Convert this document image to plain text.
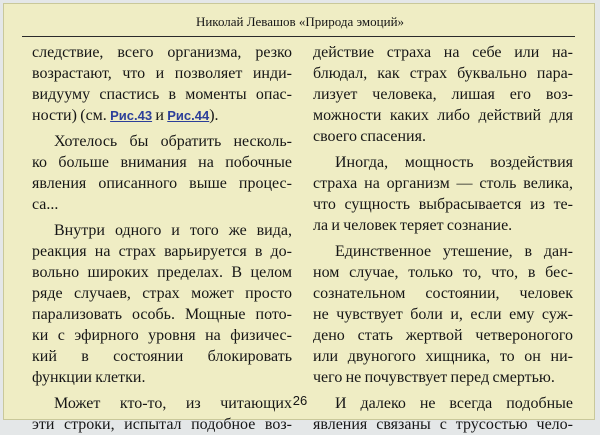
Николай Левашов «Природа эмоций»
следствие, всего организма, резко
возрастают, что и позволяет инди-
видууму спастись в моменты опас-
ности) (см. Рис.43 и Рис.44).
Хотелось бы обратить несколь-
ко больше внимания на побочные
явления описанного выше процес-
са...
Внутри одного и того же вида,
реакция на страх варьируется в до-
вольно широких пределах. В целом
ряде случаев, страх может просто
парализовать особь. Мощные пото-
ки с эфирного уровня на физичес-
кий в состоянии блокировать
функции клетки.
Может кто-то, из читающих
эти строки, испытал подобное воз-
действие страха на себе или на-
блюдал, как страх буквально пара-
лизует человека, лишая его воз-
можности каких либо действий для
своего спасения.
Иногда, мощность воздействия
страха на организм — столь велика,
что сущность выбрасывается из те-
ла и человек теряет сознание.
Единственное утешение, в дан-
ном случае, только то, что, в бес-
сознательном состоянии, человек
не чувствует боли и, если ему суж-
дено стать жертвой четвероногого
или двуногого хищника, то он ни-
чего не почувствует перед смертью.
И далеко не всегда подобные
явления связаны с трусостью чело-
26
